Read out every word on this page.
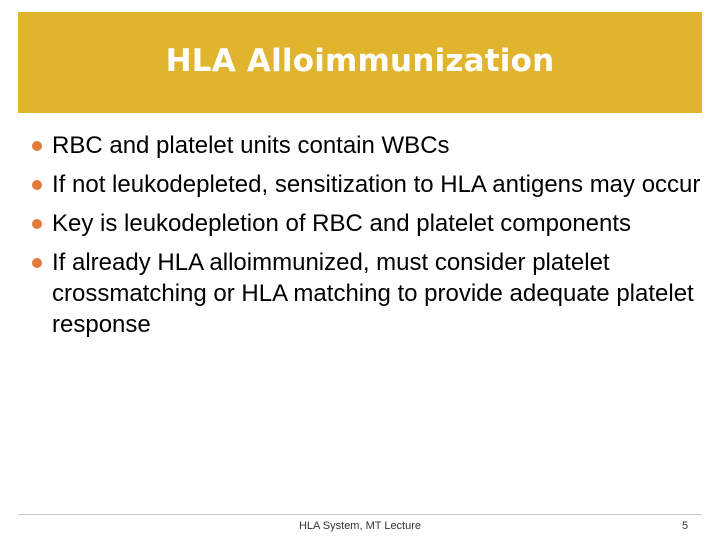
HLA Alloimmunization
RBC and platelet units contain WBCs
If not leukodepleted, sensitization to HLA antigens may occur
Key is leukodepletion of RBC and platelet components
If already HLA alloimmunized, must consider platelet crossmatching or HLA matching to provide adequate platelet response
HLA System, MT Lecture	5
